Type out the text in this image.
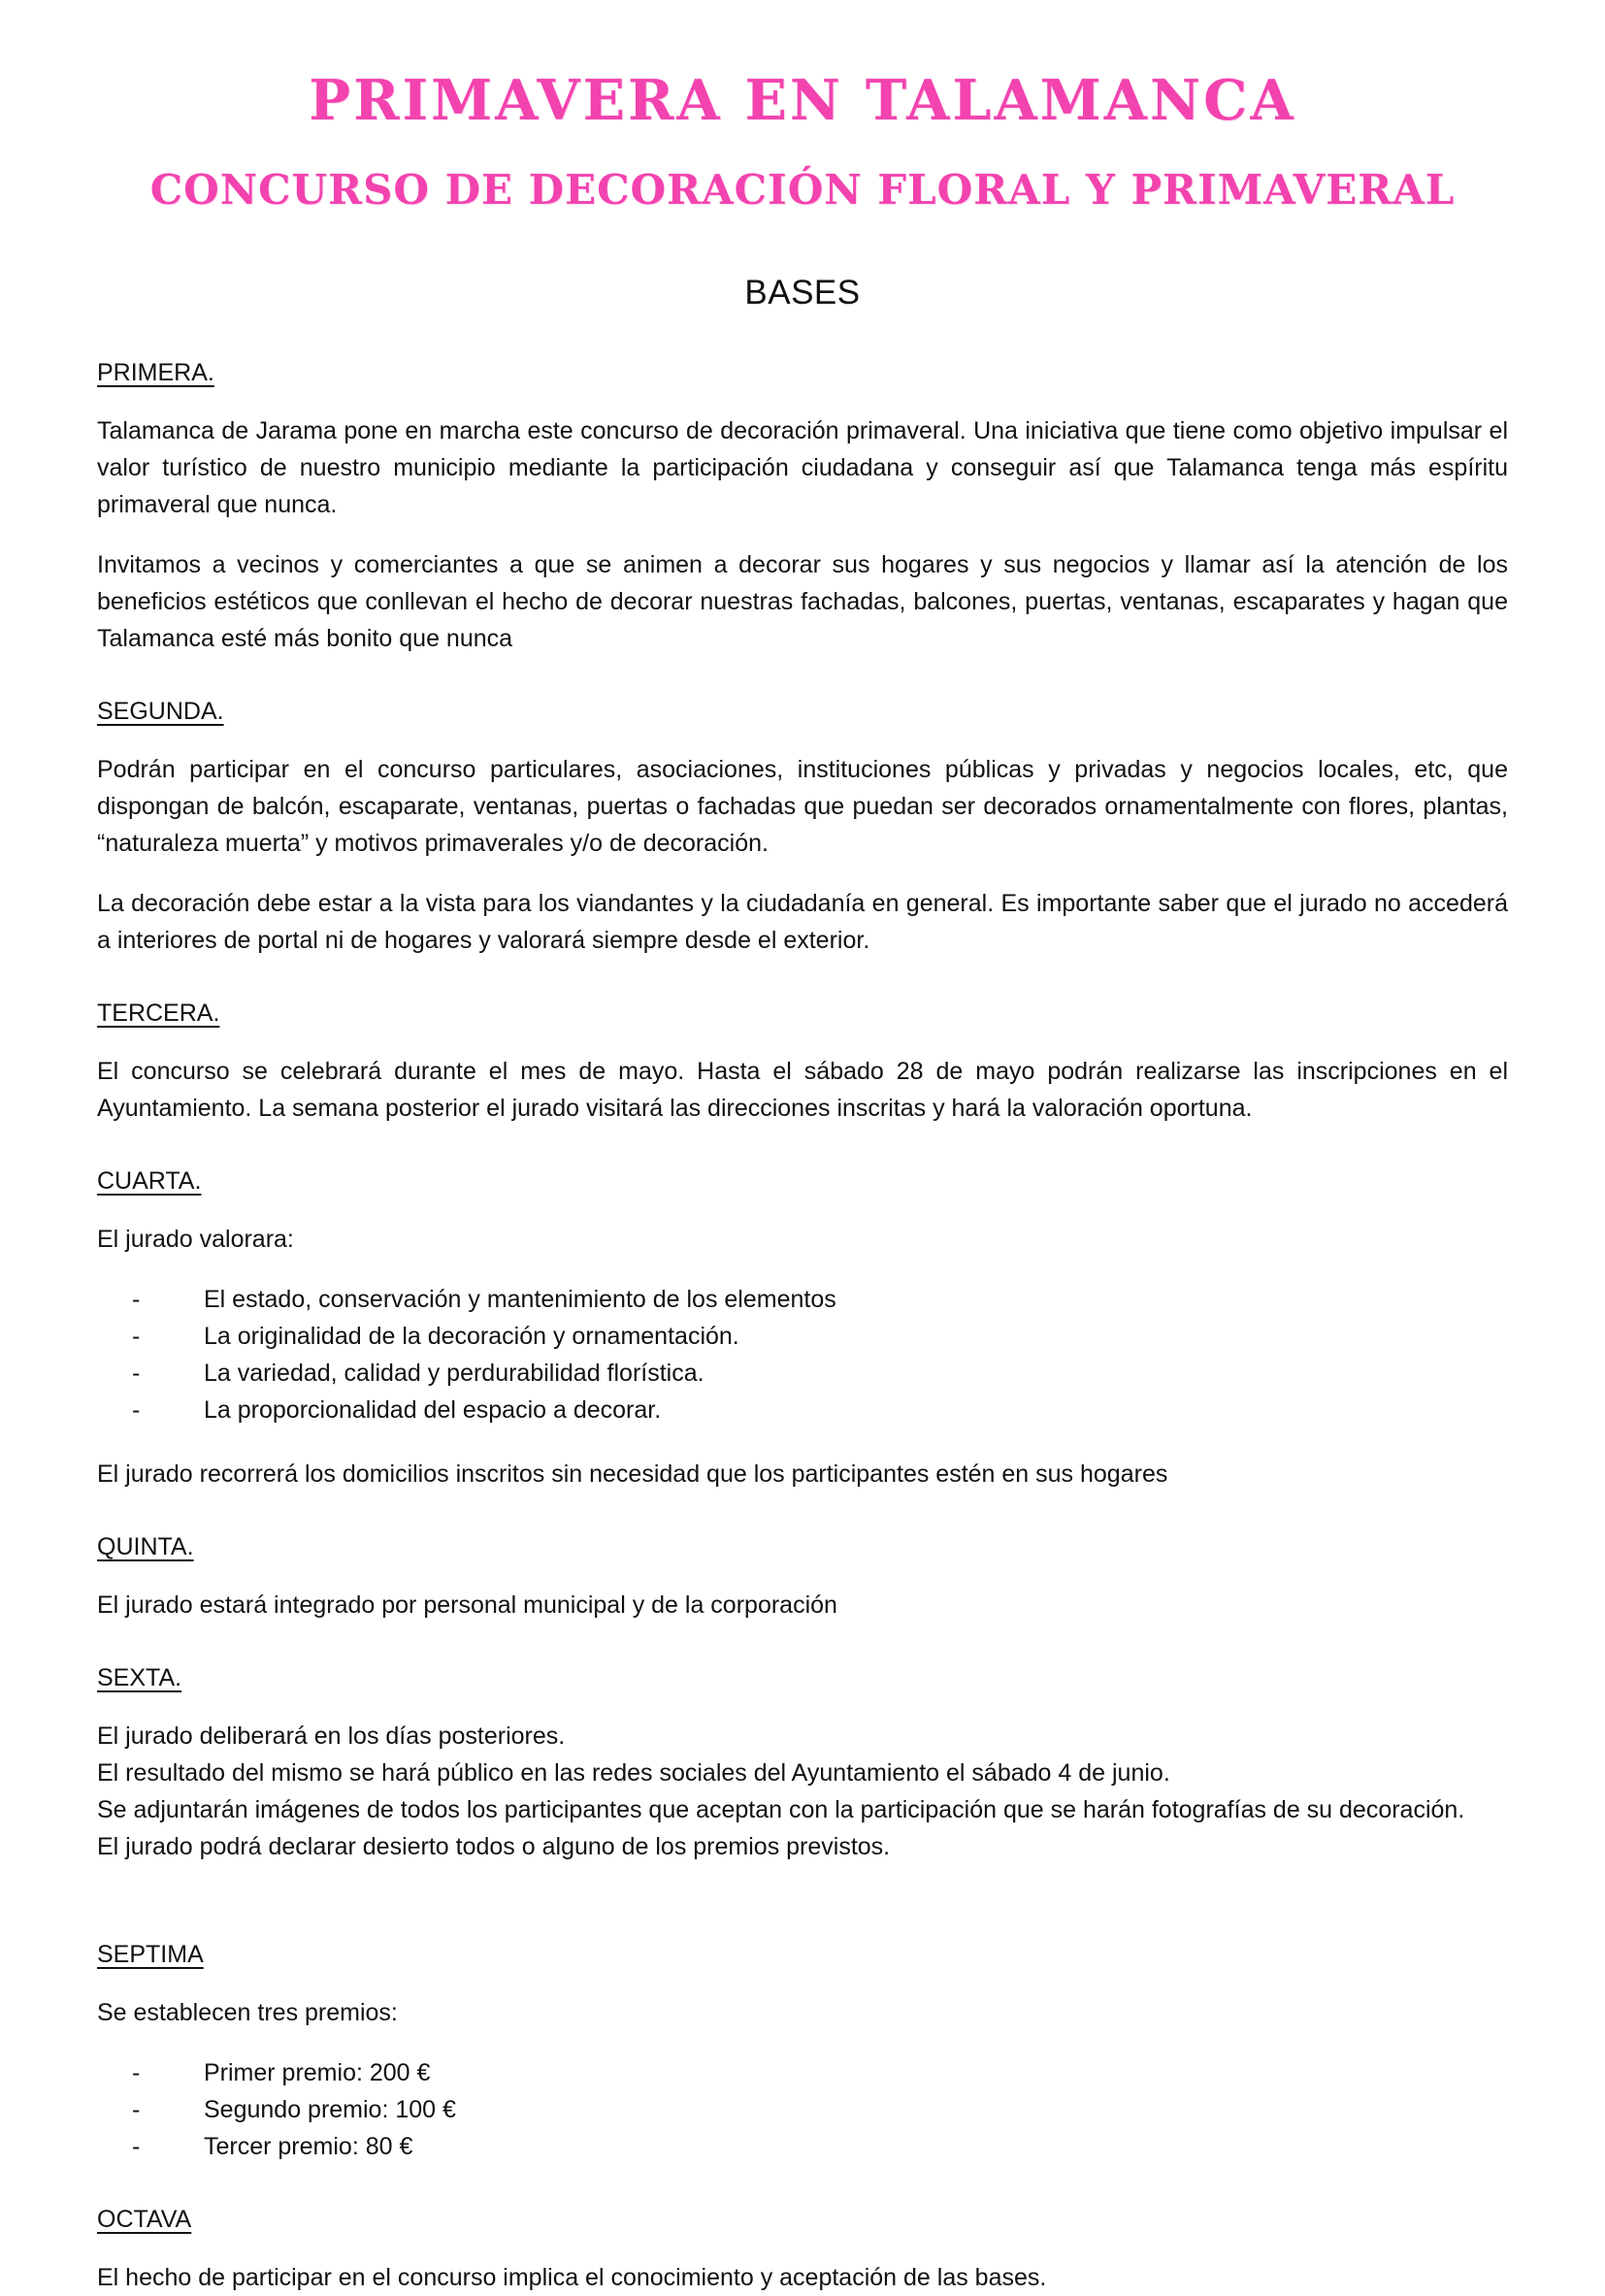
PRIMAVERA EN TALAMANCA
CONCURSO DE DECORACIÓN FLORAL Y PRIMAVERAL
BASES
PRIMERA.

Talamanca de Jarama pone en marcha este concurso de decoración primaveral. Una iniciativa que tiene como objetivo impulsar el valor turístico de nuestro municipio mediante la participación ciudadana y conseguir así que Talamanca tenga más espíritu primaveral que nunca.

Invitamos a vecinos y comerciantes a que se animen a decorar sus hogares y sus negocios y llamar así la atención de los beneficios estéticos que conllevan el hecho de decorar nuestras fachadas, balcones, puertas, ventanas, escaparates y hagan que Talamanca esté más bonito que nunca

SEGUNDA.

Podrán participar en el concurso particulares, asociaciones, instituciones públicas y privadas y negocios locales, etc, que dispongan de balcón, escaparate, ventanas, puertas o fachadas que puedan ser decorados ornamentalmente con flores, plantas, “naturaleza muerta” y motivos primaverales y/o de decoración.

La decoración debe estar a la vista para los viandantes y la ciudadanía en general. Es importante saber que el jurado no accederá a interiores de portal ni de hogares y valorará siempre desde el exterior.

TERCERA.

El concurso se celebrará durante el mes de mayo. Hasta el sábado 28 de mayo podrán realizarse las inscripciones en el Ayuntamiento. La semana posterior el jurado visitará las direcciones inscritas y hará la valoración oportuna.

CUARTA.

El jurado valorara:

- El estado, conservación y mantenimiento de los elementos
- La originalidad de la decoración y ornamentación.
- La variedad, calidad y perdurabilidad florística.
- La proporcionalidad del espacio a decorar.

El jurado recorrerá los domicilios inscritos sin necesidad que los participantes estén en sus hogares

QUINTA.

El jurado estará integrado por personal municipal y de la corporación

SEXTA.

El jurado deliberará en los días posteriores.

El resultado del mismo se hará público en las redes sociales del Ayuntamiento el sábado 4 de junio.

Se adjuntarán imágenes de todos los participantes que aceptan con la participación que se harán fotografías de su decoración.

El jurado podrá declarar desierto todos o alguno de los premios previstos.

SEPTIMA

Se establecen tres premios:

- Primer premio: 200 €
- Segundo premio: 100 €
- Tercer premio: 80 €
OCTAVA

El hecho de participar en el concurso implica el conocimiento y aceptación de las bases.
